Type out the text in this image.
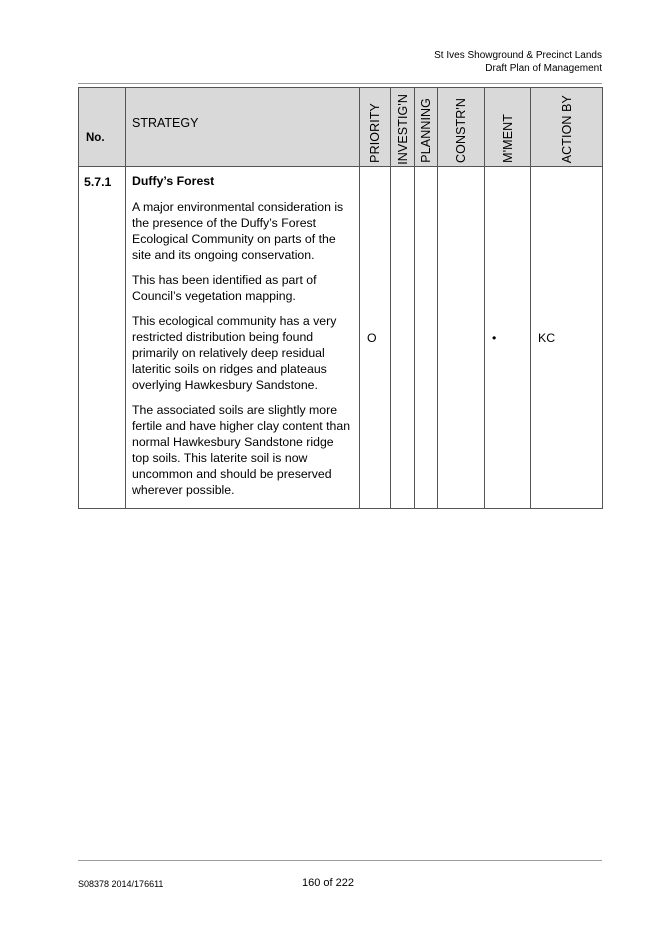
St Ives Showground & Precinct Lands
Draft Plan of Management
No.	STRATEGY	PRIORITY	INVESTIG'N	PLANNING	CONSTR'N	M'MENT	ACTION BY

5.7.1	Duffy’s Forest
A major environmental consideration is the presence of the Duffy’s Forest Ecological Community on parts of the site and its ongoing conservation.
This has been identified as part of Council’s vegetation mapping.
This ecological community has a very restricted distribution being found primarily on relatively deep residual lateritic soils on ridges and plateaus overlying Hawkesbury Sandstone.
The associated soils are slightly more fertile and have higher clay content than normal Hawkesbury Sandstone ridge top soils. This laterite soil is now uncommon and should be preserved wherever possible.	O				•	KC
S08378 2014/176611	160 of 222
